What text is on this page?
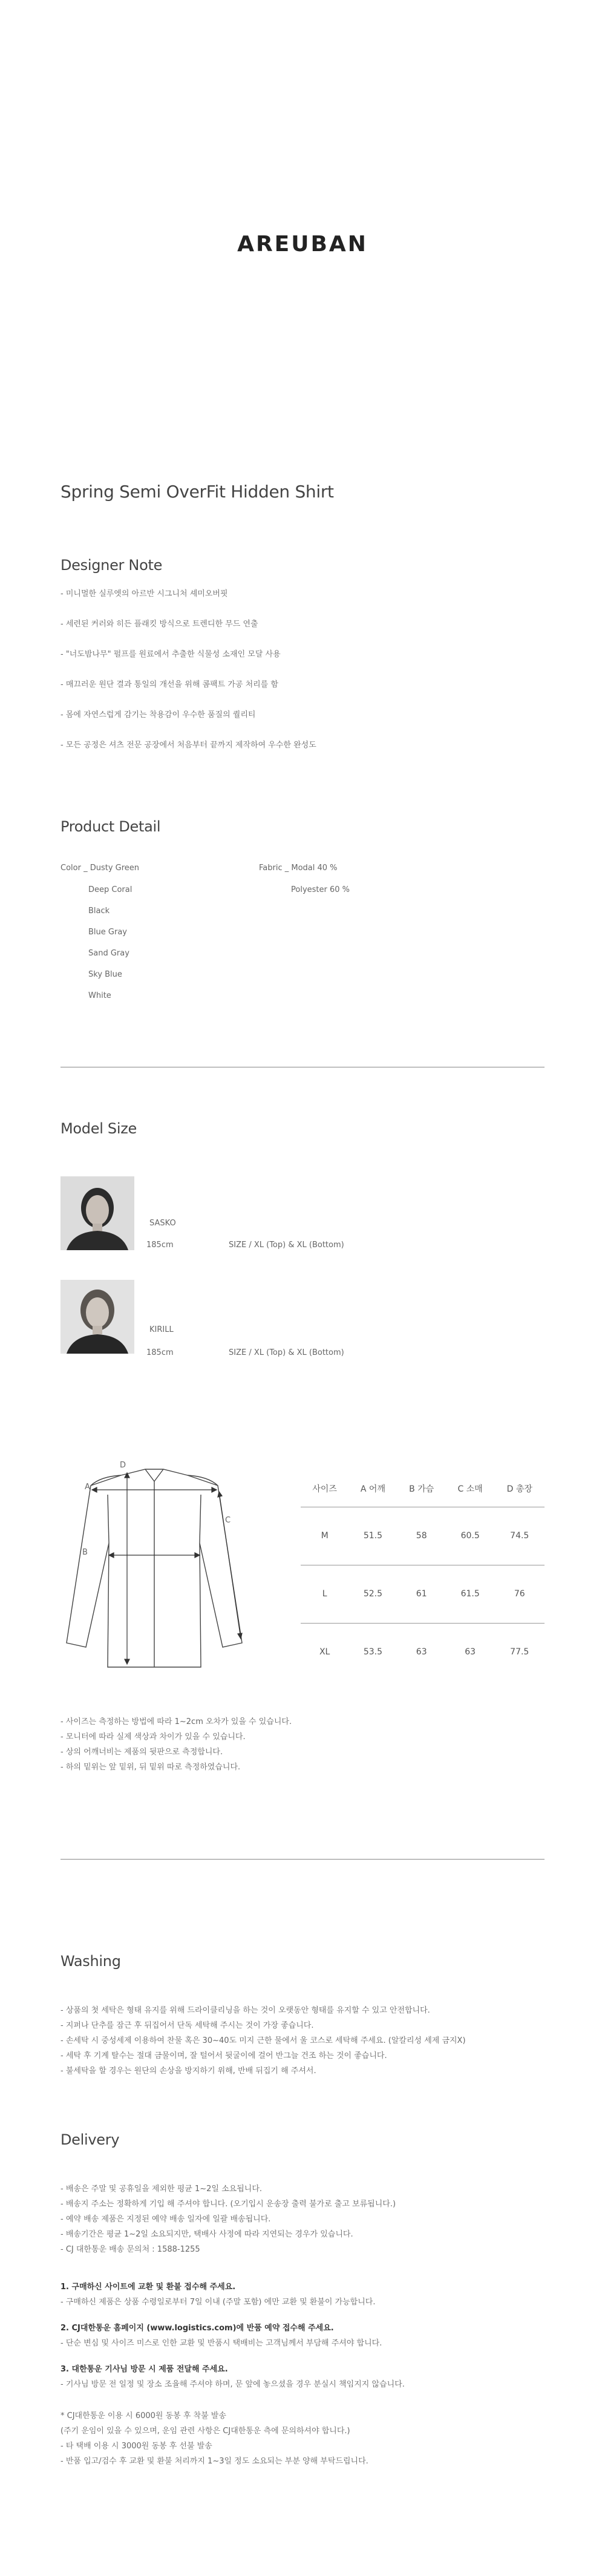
AREUBAN
Spring Semi OverFit Hidden Shirt
Designer Note
- 미니멀한 실루엣의 아르반 시그니처 셰미오버핏
- 세련된 커러와 히든 플래킷 방식으로 트렌디한 무드 연출
- "너도밤나무" 펄프를 원료에서 추출한 식물성 소재인 모달 사용
- 매끄러운 원단 결과 통일의 개선을 위해 콤팩트 가공 처리를 함
- 몸에 자연스럽게 감기는 착용감이 우수한 품질의 퀄리티
- 모든 공정은 셔츠 전문 공장에서 처음부터 끝까지 제작하여 우수한 완성도
Product Detail
Color _ Dusty Green
Deep Coral
Black
Blue Gray
Sand Gray
Sky Blue
White
Fabric _ Modal 40 %
Polyester 60 %
Model Size
SASKO
185cm	SIZE / XL (Top) & XL (Bottom)
KIRILL
185cm	SIZE / XL (Top) & XL (Bottom)
A
B
C
D
사이즈	A 어깨	B 가슴	C 소매	D 총장
M	51.5	58	60.5	74.5
L	52.5	61	61.5	76
XL	53.5	63	63	77.5
- 사이즈는 측정하는 방법에 따라 1~2cm 오차가 있을 수 있습니다.
- 모니터에 따라 실제 색상과 차이가 있을 수 있습니다.
- 상의 어깨너비는 제품의 뒷판으로 측정합니다.
- 하의 밑위는 앞 밑위, 뒤 밑위 따로 측정하였습니다.
Washing
- 상품의 첫 세탁은 형태 유지를 위해 드라이클리닝을 하는 것이 오랫동안 형태를 유지할 수 있고 안전합니다.
- 지퍼나 단추를 잠근 후 뒤집어서 단독 세탁해 주시는 것이 가장 좋습니다.
- 손세탁 시 중성세제 이용하여 찬물 혹은 30~40도 미지 근한 물에서 울 코스로 세탁해 주세요. (알칼리성 세제 금지X)
- 세탁 후 기계 탈수는 절대 금물이며, 잘 털어서 뒷굴이에 걸어 반그늘 건조 하는 것이 좋습니다.
- 불세탁을 할 경우는 원단의 손상을 방지하기 위해, 반배 뒤집기 해 주셔서.
Delivery
- 배송은 주말 및 공휴일을 제외한 평균 1~2일 소요됩니다.
- 배송지 주소는 정확하게 기입 해 주셔야 합니다. (오기입시 운송장 출력 불가로 출고 보류됩니다.)
- 예약 배송 제품은 지정된 예약 배송 일자에 일괄 배송됩니다.
- 배송기간은 평균 1~2일 소요되지만, 택배사 사정에 따라 지연되는 경우가 있습니다.
- CJ 대한통운 배송 문의처 : 1588-1255
1. 구매하신 사이트에 교환 및 환불 접수해 주세요.
- 구매하신 제품은 상품 수령일로부터 7일 이내 (주말 포함) 에만 교환 및 환불이 가능합니다.
2. CJ대한통운 홈페이지 (www.logistics.com)에 반품 예약 접수해 주세요.
- 단순 변심 및 사이즈 미스로 인한 교환 및 반품시 택배비는 고객님께서 부담해 주셔야 합니다.
3. 대한통운 기사님 방문 시 제품 전달해 주세요.
- 기사님 방문 전 일정 및 장소 조율해 주셔야 하며, 문 앞에 놓으셨을 경우 분실시 책임지지 않습니다.
* CJ대한통운 이용 시 6000원 동봉 후 착불 발송
(주기 운임이 있을 수 있으며, 운임 관련 사항은 CJ대한통운 측에 문의하셔야 합니다.)
- 타 택배 이용 시 3000원 동봉 후 선불 발송
- 반품 입고/검수 후 교환 및 환불 처리까지 1~3일 정도 소요되는 부분 양해 부탁드립니다.
